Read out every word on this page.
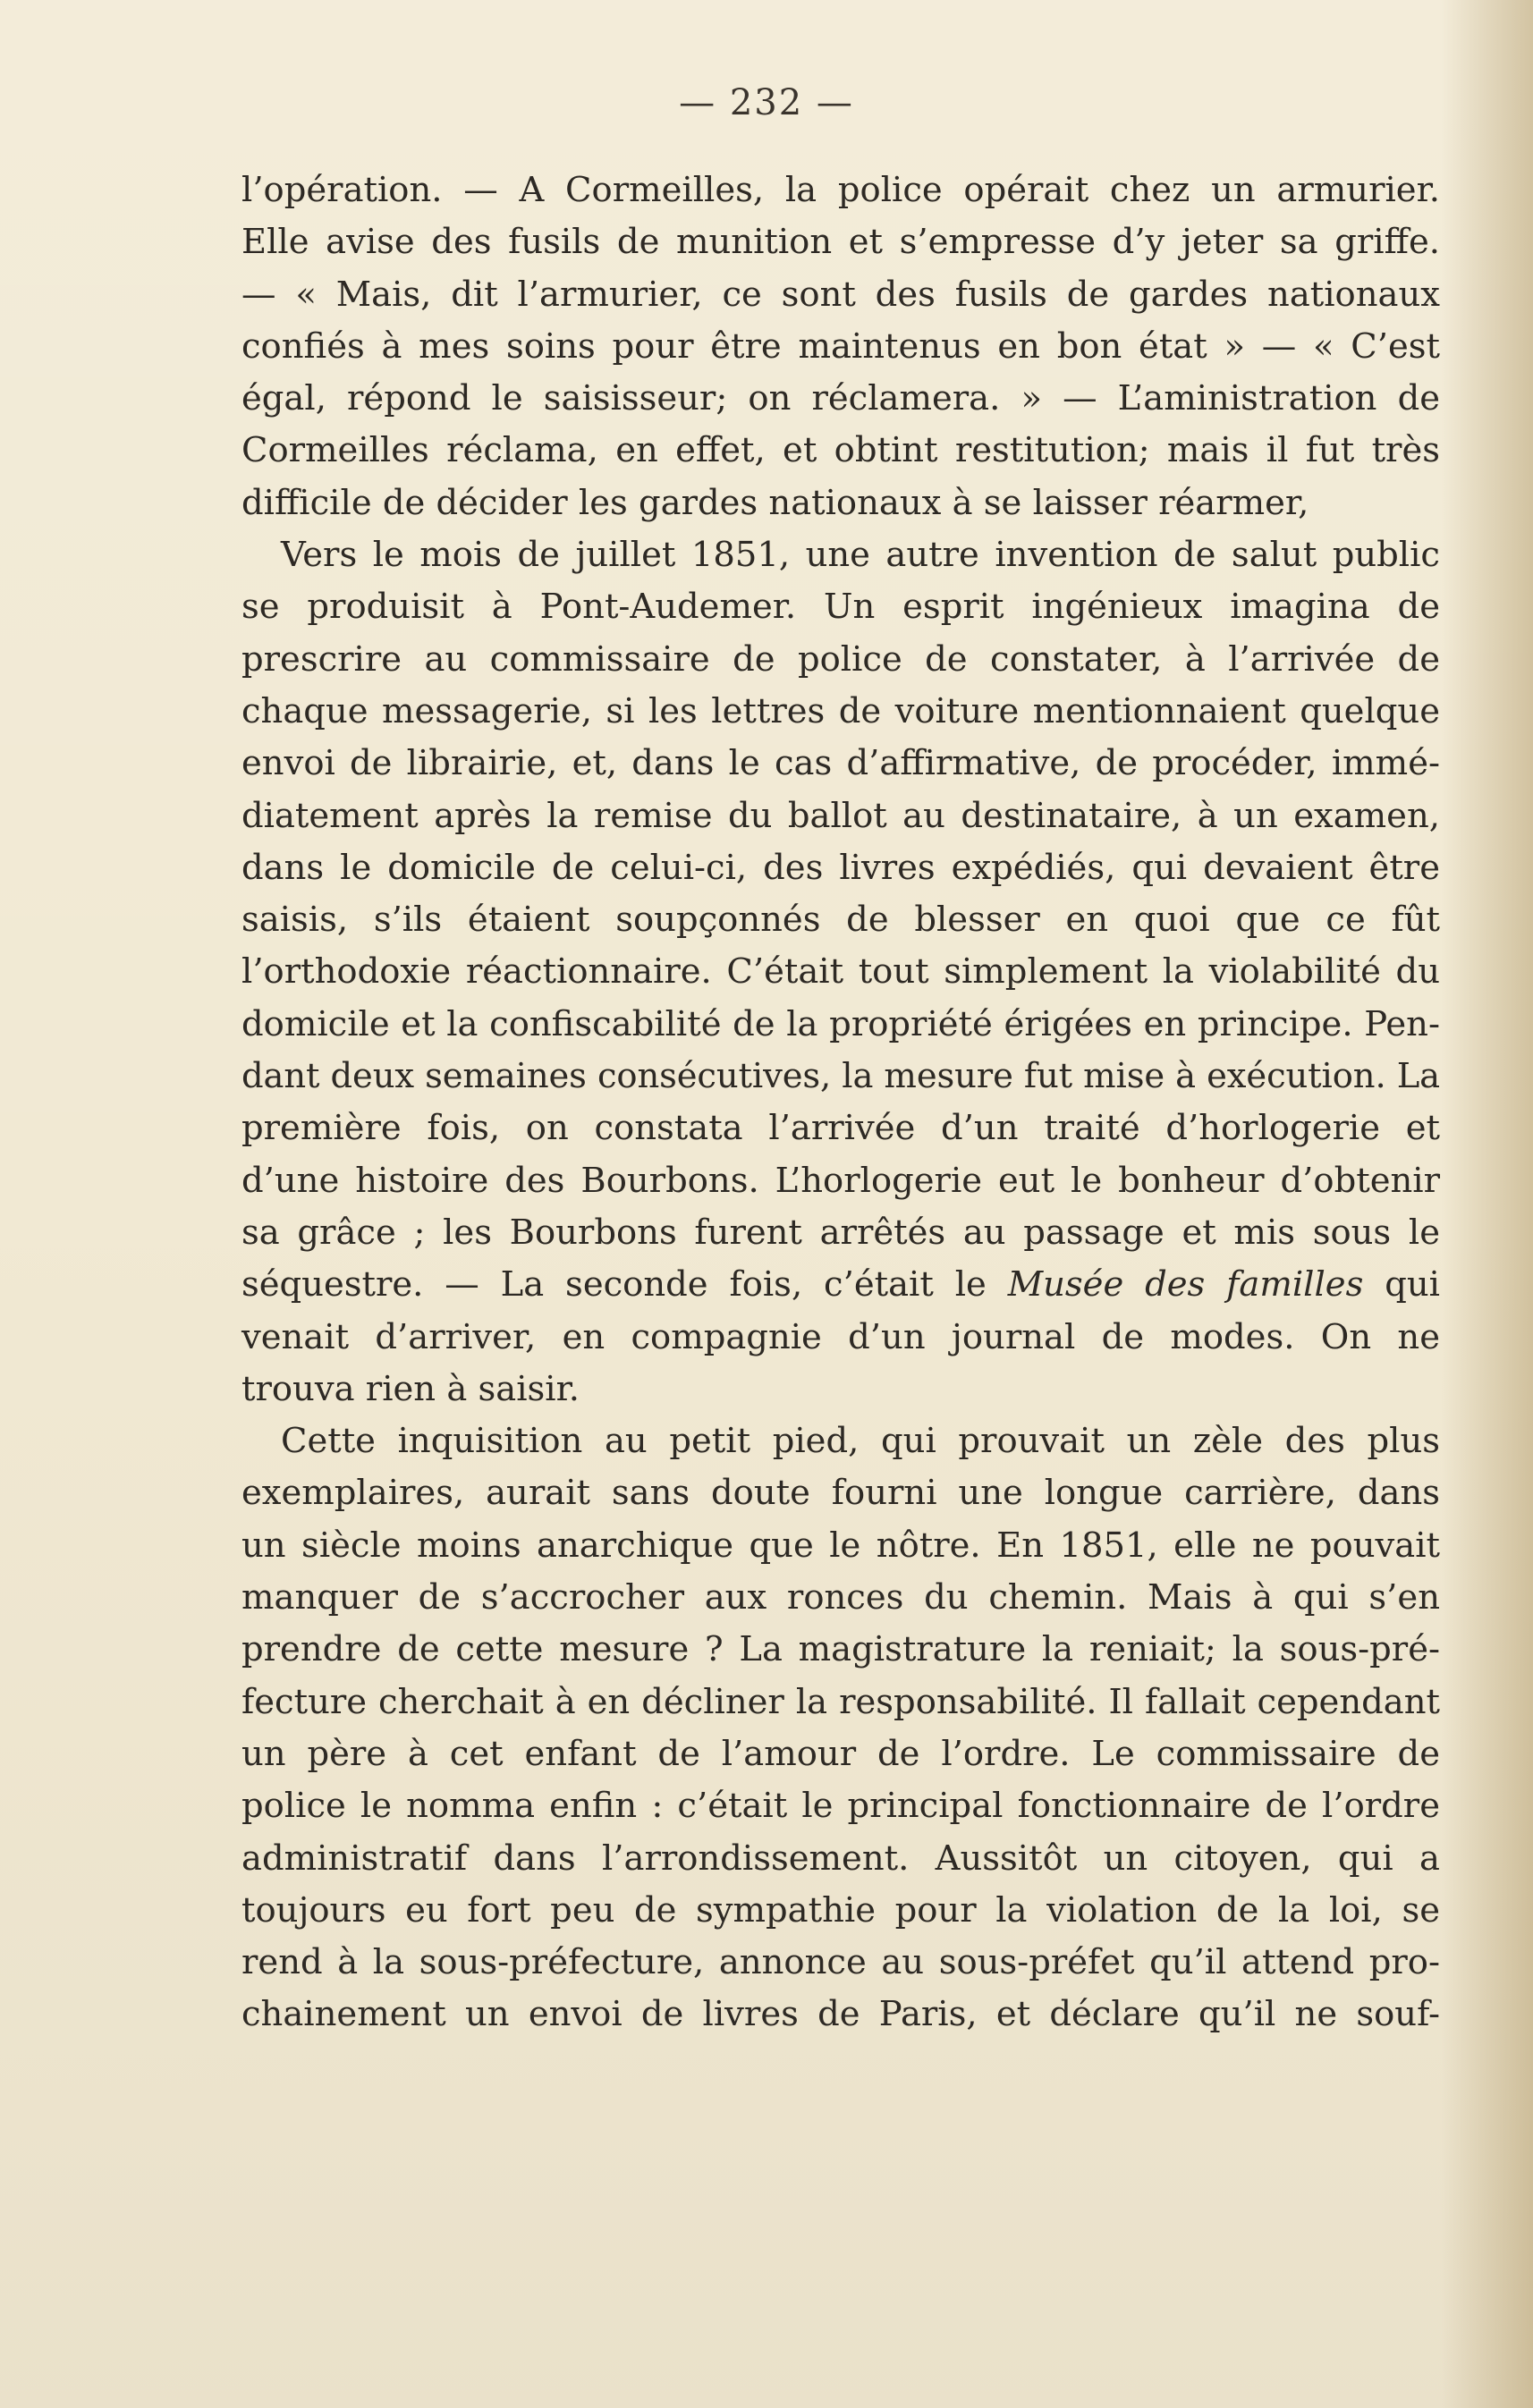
— 232 —
l’opération. — A Cormeilles, la police opérait chez un armurier.
Elle avise des fusils de munition et s’empresse d’y jeter sa griffe.
— « Mais, dit l’armurier, ce sont des fusils de gardes nationaux
confiés à mes soins pour être maintenus en bon état » — « C’est
égal, répond le saisisseur; on réclamera. » — L’aministration de
Cormeilles réclama, en effet, et obtint restitution; mais il fut très
difficile de décider les gardes nationaux à se laisser réarmer,
Vers le mois de juillet 1851, une autre invention de salut public
se produisit à Pont-Audemer. Un esprit ingénieux imagina de
prescrire au commissaire de police de constater, à l’arrivée de
chaque messagerie, si les lettres de voiture mentionnaient quelque
envoi de librairie, et, dans le cas d’affirmative, de procéder, immé-
diatement après la remise du ballot au destinataire, à un examen,
dans le domicile de celui-ci, des livres expédiés, qui devaient être
saisis, s’ils étaient soupçonnés de blesser en quoi que ce fût
l’orthodoxie réactionnaire. C’était tout simplement la violabilité du
domicile et la confiscabilité de la propriété érigées en principe. Pen-
dant deux semaines consécutives, la mesure fut mise à exécution. La
première fois, on constata l’arrivée d’un traité d’horlogerie et
d’une histoire des Bourbons. L’horlogerie eut le bonheur d’obtenir
sa grâce ; les Bourbons furent arrêtés au passage et mis sous le
séquestre. — La seconde fois, c’était le Musée des familles qui
venait d’arriver, en compagnie d’un journal de modes. On ne
trouva rien à saisir.
Cette inquisition au petit pied, qui prouvait un zèle des plus
exemplaires, aurait sans doute fourni une longue carrière, dans
un siècle moins anarchique que le nôtre. En 1851, elle ne pouvait
manquer de s’accrocher aux ronces du chemin. Mais à qui s’en
prendre de cette mesure ? La magistrature la reniait; la sous-pré-
fecture cherchait à en décliner la responsabilité. Il fallait cependant
un père à cet enfant de l’amour de l’ordre. Le commissaire de
police le nomma enfin : c’était le principal fonctionnaire de l’ordre
administratif dans l’arrondissement. Aussitôt un citoyen, qui a
toujours eu fort peu de sympathie pour la violation de la loi, se
rend à la sous-préfecture, annonce au sous-préfet qu’il attend pro-
chainement un envoi de livres de Paris, et déclare qu’il ne souf-
